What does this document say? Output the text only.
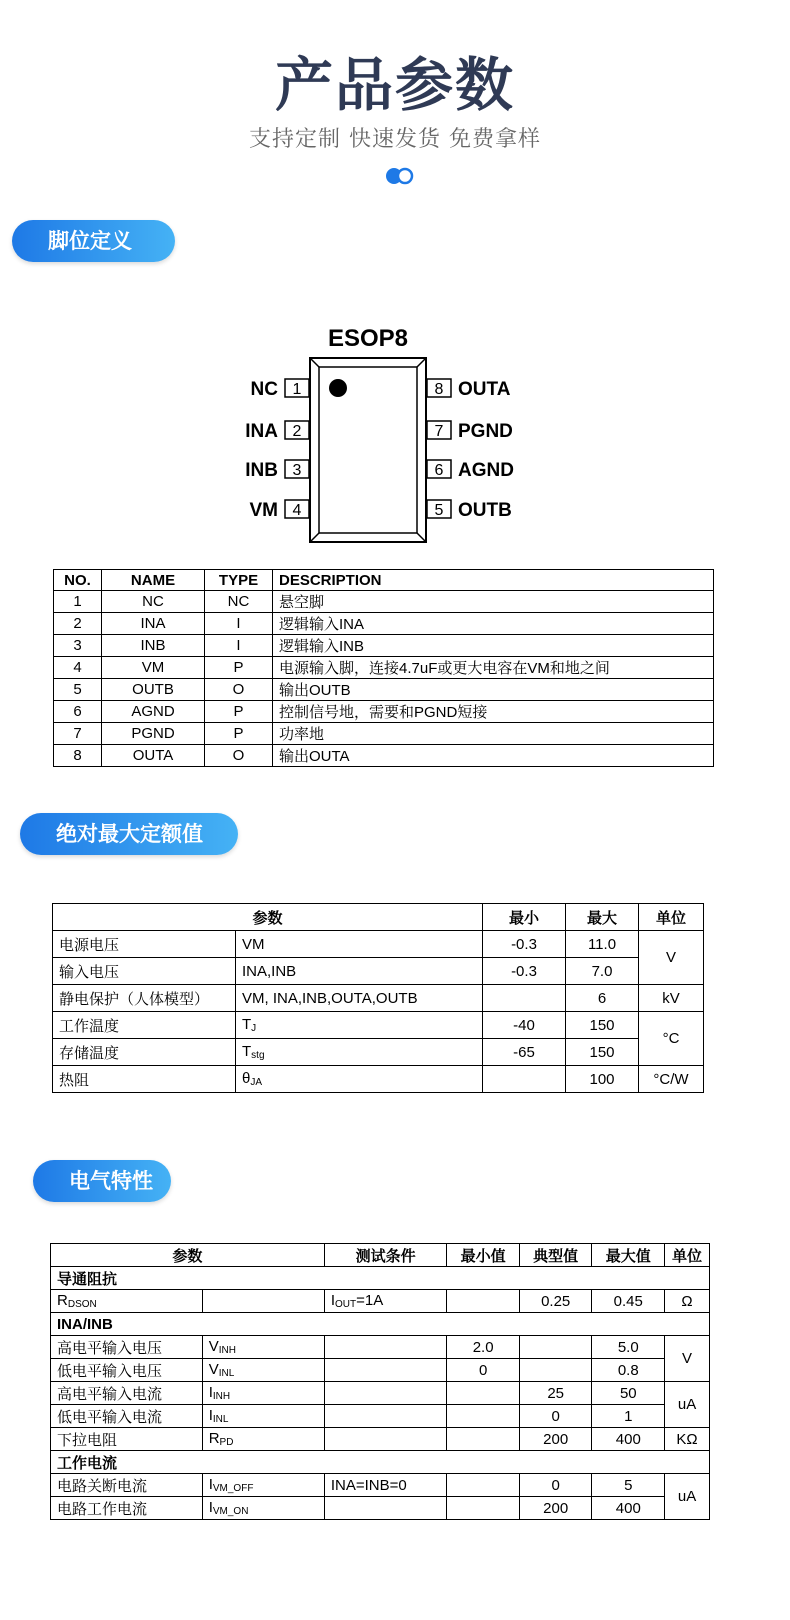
产品参数
支持定制 快速发货 免费拿样
脚位定义
ESOP8
1
NC
2
INA
3
INB
4
VM
8 OUTA
7 PGND
6 AGND
5 OUTB
NO.	NAME	TYPE	DESCRIPTION
1	NC	NC	悬空脚
2	INA	I	逻辑输入INA
3	INB	I	逻辑输入INB
4	VM	P	电源输入脚，连接4.7uF或更大电容在VM和地之间
5	OUTB	O	输出OUTB
6	AGND	P	控制信号地，需要和PGND短接
7	PGND	P	功率地
8	OUTA	O	输出OUTA
绝对最大定额值
参数		最小	最大	单位
电源电压	VM	-0.3	11.0	V
输入电压	INA,INB	-0.3	7.0	
静电保护（人体模型）	VM, INA,INB,OUTA,OUTB		6	kV
工作温度	$T_J$	-40	150	°C
存储温度	$T_{stg}$	-65	150	
热阻	$\theta_{JA}$		100	°C/W
电气特性
参数		测试条件	最小值	典型值	最大值	单位
导通阻抗						
$R_{DSON}$		$I_{OUT}=1A$		0.25	0.45	Ω
INA/INB						
高电平输入电压	$V_{INH}$		2.0		5.0	V
低电平输入电压	$V_{INL}$		0		0.8	
高电平输入电流	$I_{INH}$			25	50	uA
低电平输入电流	$I_{INL}$			0	1	
下拉电阻	$R_{PD}$			200	400	KΩ
工作电流						
电路关断电流	$I_{VM\_OFF}$	INA=INB=0		0	5	uA
电路工作电流	$I_{VM\_ON}$			200	400	
